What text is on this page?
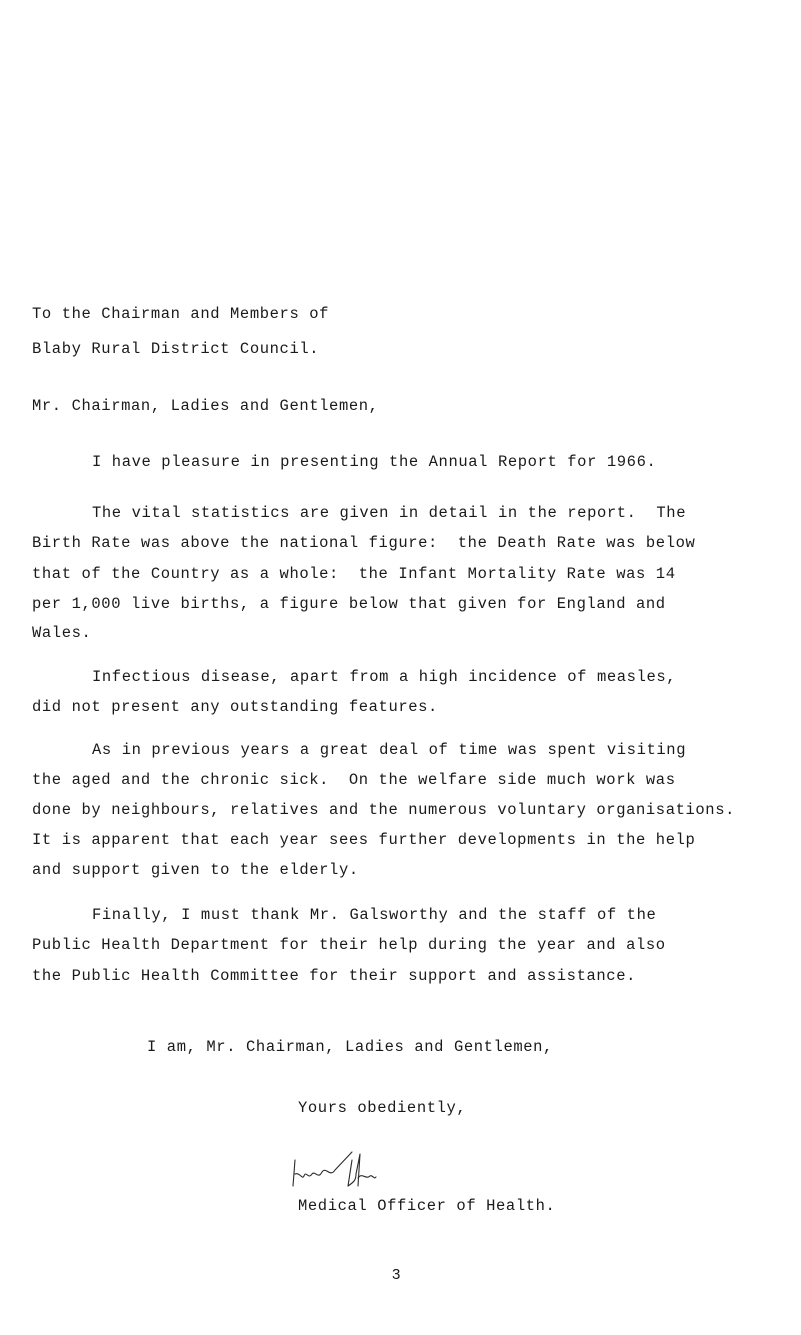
To the Chairman and Members of
Blaby Rural District Council.
Mr. Chairman, Ladies and Gentlemen,
I have pleasure in presenting the Annual Report for 1966.
The vital statistics are given in detail in the report.  The
Birth Rate was above the national figure:  the Death Rate was below
that of the Country as a whole:  the Infant Mortality Rate was 14
per 1,000 live births, a figure below that given for England and
Wales.
Infectious disease, apart from a high incidence of measles,
did not present any outstanding features.
As in previous years a great deal of time was spent visiting
the aged and the chronic sick.  On the welfare side much work was
done by neighbours, relatives and the numerous voluntary organisations.
It is apparent that each year sees further developments in the help
and support given to the elderly.
Finally, I must thank Mr. Galsworthy and the staff of the
Public Health Department for their help during the year and also
the Public Health Committee for their support and assistance.
I am, Mr. Chairman, Ladies and Gentlemen,
Yours obediently,
Medical Officer of Health.
3
